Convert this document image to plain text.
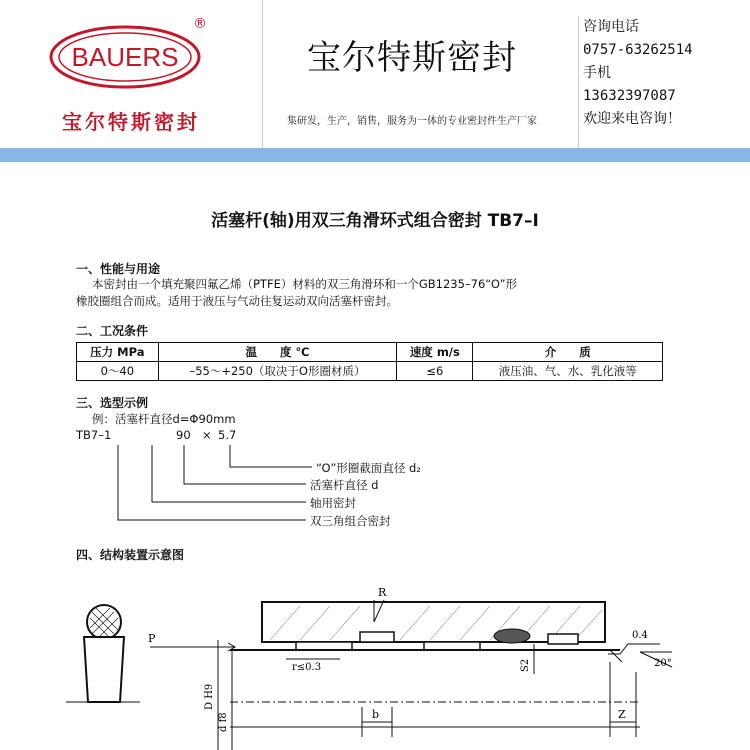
BAUERS
®
宝尔特斯密封
宝尔特斯密封
集研发，生产，销售，服务为一体的专业密封件生产厂家
咨询电话
0757-63262514
手机
13632397087
欢迎来电咨询！
活塞杆(轴)用双三角滑环式组合密封 TB7–I
一、性能与用途
本密封由一个填充聚四氟乙烯（PTFE）材料的双三角滑环和一个GB1235–76“O”形
橡胶圈组合而成。适用于液压与气动往复运动双向活塞杆密封。
二、工况条件
压力 MPa	温　　度 ℃	速度 m/s	介　　质
0～40	–55～+250（取决于O形圈材质）	≤6	液压油、气、水、乳化液等
三、选型示例
例：活塞杆直径d=Φ90mm
TB7–1	90 × 5.7
“O”形圈截面直径 d₂
活塞杆直径 d
轴用密封
双三角组合密封
四、结构装置示意图
P
R
r≤0.3	S2
D H9
d f8	b	Z
0.4
20°
